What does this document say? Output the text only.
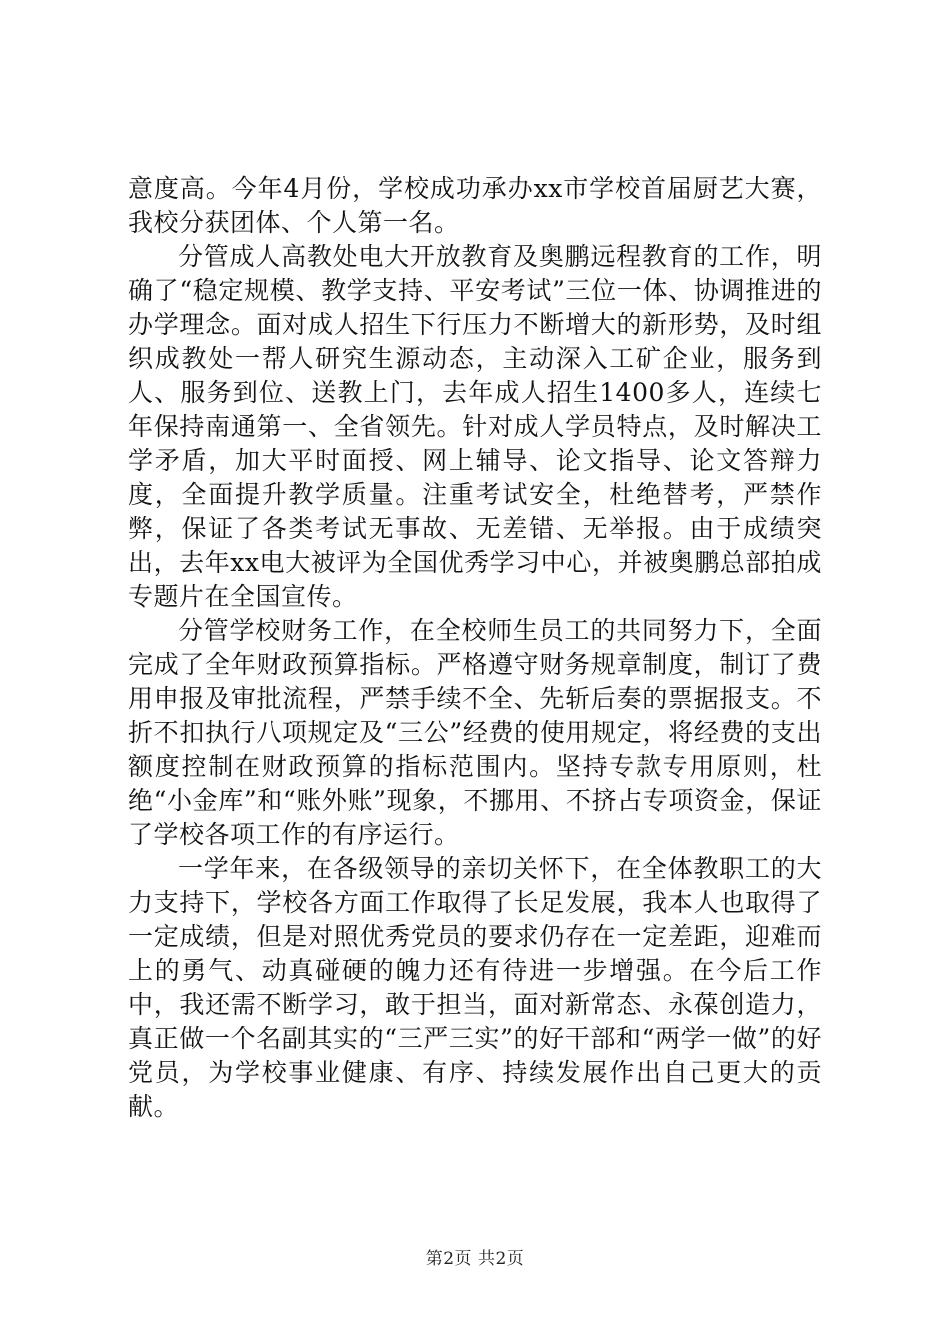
意度高。今年4月份，学校成功承办xx市学校首届厨艺大赛，我校分获团体、个人第一名。

分管成人高教处电大开放教育及奥鹏远程教育的工作，明确了“稳定规模、教学支持、平安考试”三位一体、协调推进的办学理念。面对成人招生下行压力不断增大的新形势，及时组织成教处一帮人研究生源动态，主动深入工矿企业，服务到人、服务到位、送教上门，去年成人招生1400多人，连续七年保持南通第一、全省领先。针对成人学员特点，及时解决工学矛盾，加大平时面授、网上辅导、论文指导、论文答辩力度，全面提升教学质量。注重考试安全，杜绝替考，严禁作弊，保证了各类考试无事故、无差错、无举报。由于成绩突出，去年xx电大被评为全国优秀学习中心，并被奥鹏总部拍成专题片在全国宣传。

分管学校财务工作，在全校师生员工的共同努力下，全面完成了全年财政预算指标。严格遵守财务规章制度，制订了费用申报及审批流程，严禁手续不全、先斩后奏的票据报支。不折不扣执行八项规定及“三公”经费的使用规定，将经费的支出额度控制在财政预算的指标范围内。坚持专款专用原则，杜绝“小金库”和“账外账”现象，不挪用、不挤占专项资金，保证了学校各项工作的有序运行。

一学年来，在各级领导的亲切关怀下，在全体教职工的大力支持下，学校各方面工作取得了长足发展，我本人也取得了一定成绩，但是对照优秀党员的要求仍存在一定差距，迎难而上的勇气、动真碰硬的魄力还有待进一步增强。在今后工作中，我还需不断学习，敢于担当，面对新常态、永葆创造力，真正做一个名副其实的“三严三实”的好干部和“两学一做”的好党员，为学校事业健康、有序、持续发展作出自己更大的贡献。

第2页 共2页
